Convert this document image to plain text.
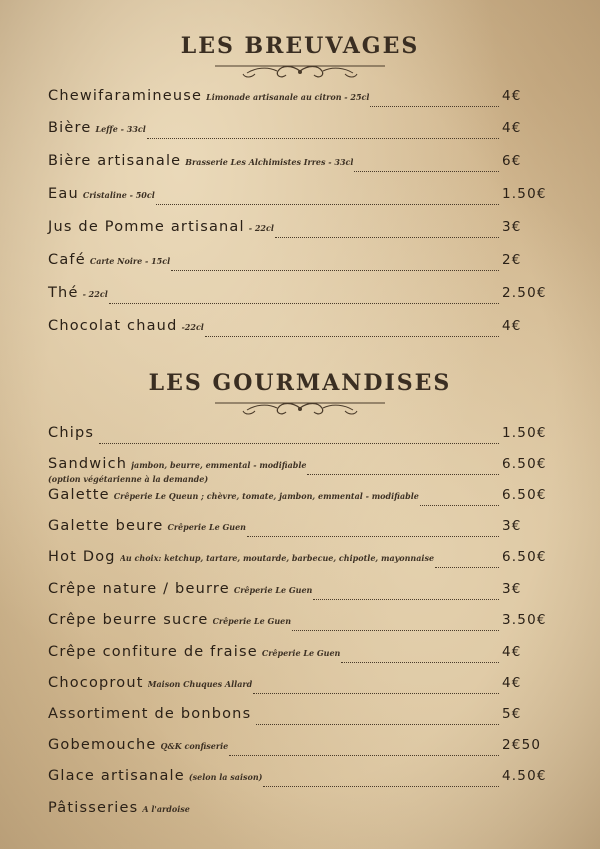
LES BREUVAGES
Chewifaramineuse Limonade artisanale au citron - 25cl	4€
Bière Leffe - 33cl	4€
Bière artisanale Brasserie Les Alchimistes Irres - 33cl	6€
Eau Cristaline - 50cl	1.50€
Jus de Pomme artisanal - 22cl	3€
Café Carte Noire - 15cl	2€
Thé - 22cl	2.50€
Chocolat chaud -22cl	4€
LES GOURMANDISES
Chips	1.50€
Sandwich jambon, beurre, emmental - modifiable	6.50€
(option végétarienne à la demande)
Galette Crêperie Le Queun ; chèvre, tomate, jambon, emmental - modifiable	6.50€
Galette beure Crêperie Le Guen	3€
Hot Dog Au choix: ketchup, tartare, moutarde, barbecue, chipotle, mayonnaise	6.50€
Crêpe nature / beurre Crêperie Le Guen	3€
Crêpe beurre sucre Crêperie Le Guen	3.50€
Crêpe confiture de fraise Crêperie Le Guen	4€
Chocoprout Maison Chuques Allard	4€
Assortiment de bonbons	5€
Gobemouche Q&K confiserie	2€50
Glace artisanale (selon la saison)	4.50€
Pâtisseries A l'ardoise
